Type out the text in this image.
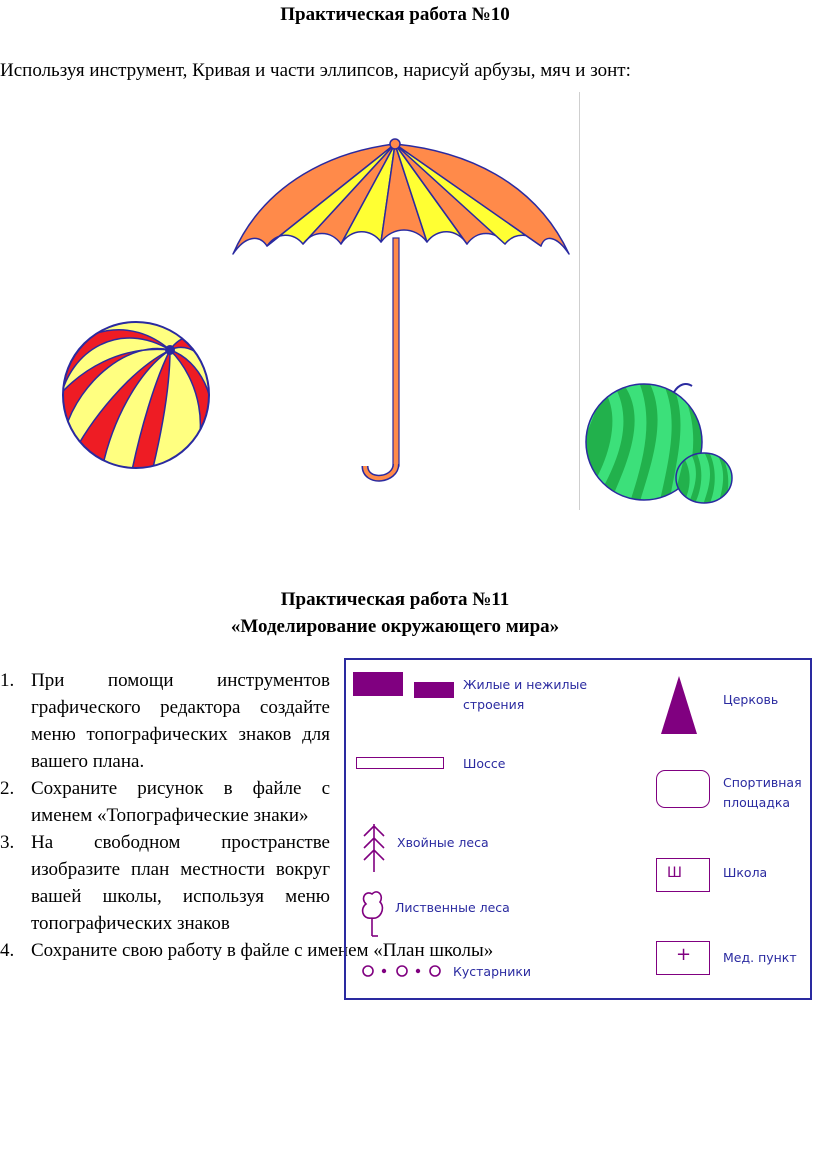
Практическая работа №10
Используя инструмент, Кривая и части эллипсов, нарисуй арбузы, мяч и зонт:
Практическая работа №11
«Моделирование окружающего мира»
1. При помощи инструментов графического редактора создайте меню топографических знаков для вашего плана.
2. Сохраните рисунок в файле с именем «Топографические знаки»
3. На свободном пространстве изобразите план местности вокруг вашей школы, используя меню топографических знаков
4. Сохраните свою работу в файле с именем «План школы»
Жилые и нежилые строения
Шоссе
Хвойные леса
Лиственные леса
Кустарники
Церковь
Спортивная площадка
Ш	Школа
+	Мед. пункт
